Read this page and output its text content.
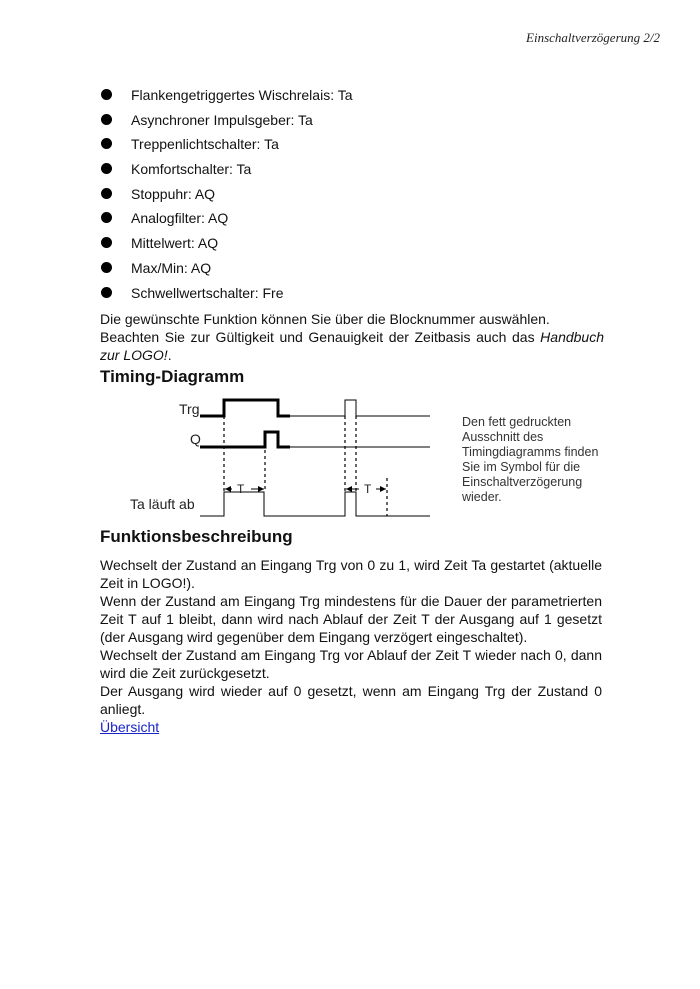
Einschaltverzögerung 2/2
Flankengetriggertes Wischrelais: Ta
Asynchroner Impulsgeber: Ta
Treppenlichtschalter: Ta
Komfortschalter: Ta
Stoppuhr: AQ
Analogfilter: AQ
Mittelwert: AQ
Max/Min: AQ
Schwellwertschalter: Fre

Die gewünschte Funktion können Sie über die Blocknummer auswählen.

Beachten Sie zur Gültigkeit und Genauigkeit der Zeitbasis auch das Handbuch zur LOGO!.

Timing-Diagramm
Trg
Q
Ta läuft ab
T	T
Den fett gedruckten
Ausschnitt des
Timingdiagramms finden
Sie im Symbol für die
Einschaltverzögerung
wieder.
Funktionsbeschreibung

Wechselt der Zustand an Eingang Trg von 0 zu 1, wird Zeit Ta gestartet (aktuelle Zeit in LOGO!).

Wenn der Zustand am Eingang Trg mindestens für die Dauer der parametrierten Zeit T auf 1 bleibt, dann wird nach Ablauf der Zeit T der Ausgang auf 1 gesetzt (der Ausgang wird gegenüber dem Eingang verzögert eingeschaltet).

Wechselt der Zustand am Eingang Trg vor Ablauf der Zeit T wieder nach 0, dann wird die Zeit zurückgesetzt.

Der Ausgang wird wieder auf 0 gesetzt, wenn am Eingang Trg der Zustand 0 anliegt.

Übersicht
